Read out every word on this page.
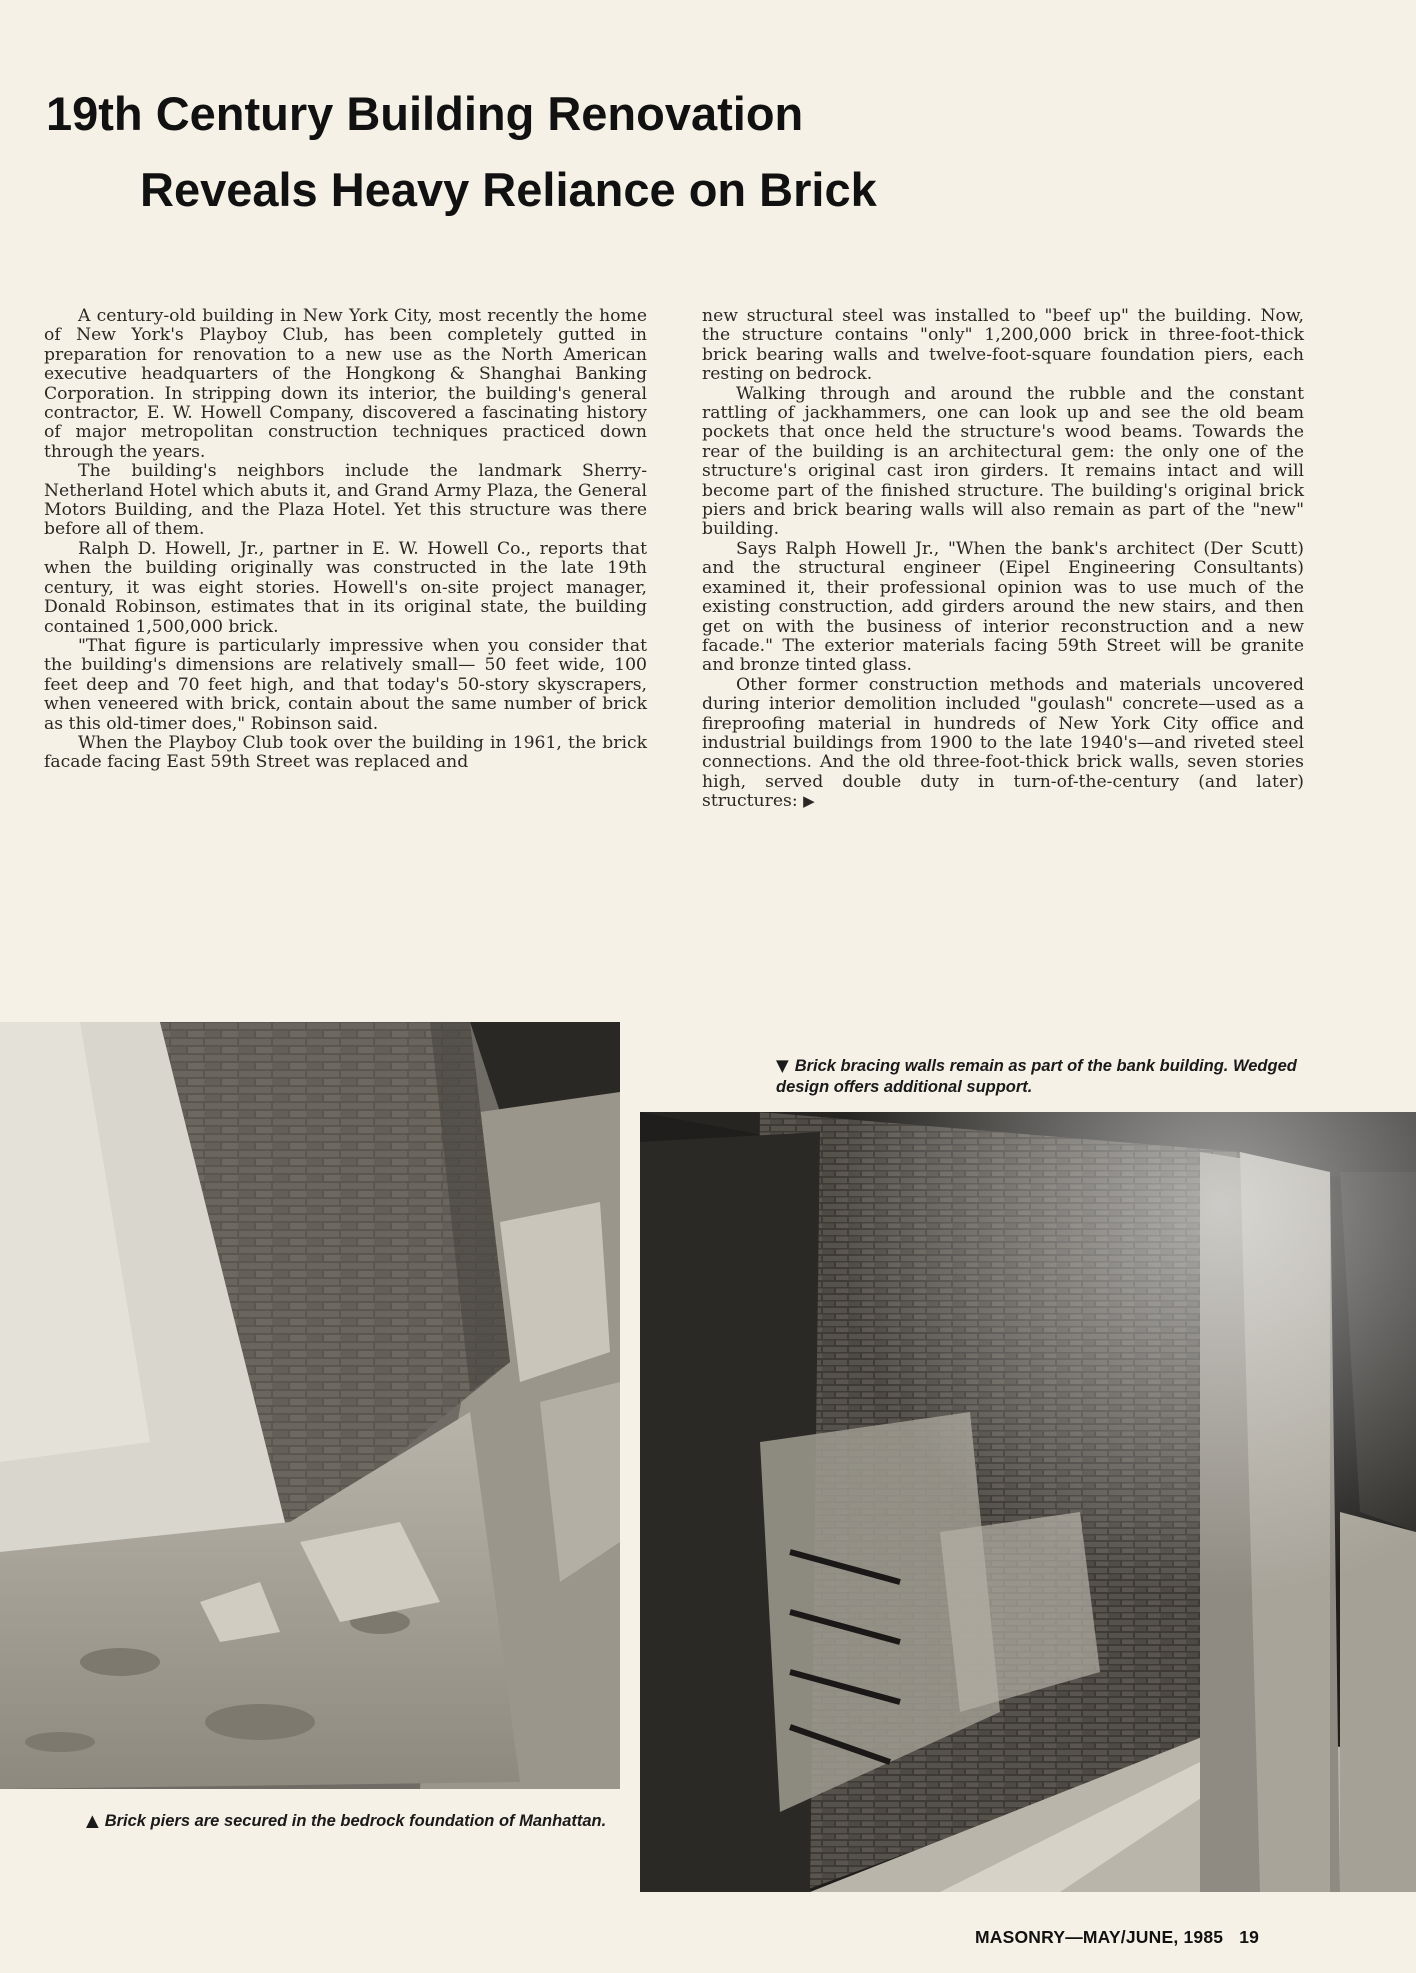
19th Century Building Renovation
Reveals Heavy Reliance on Brick

A century-old building in New York City, most recently the home of New York's Playboy Club, has been completely gutted in preparation for renovation to a new use as the North American executive headquarters of the Hongkong & Shanghai Banking Corporation. In stripping down its interior, the building's general contractor, E. W. Howell Company, discovered a fascinating history of major metropolitan construction techniques practiced down through the years.

The building's neighbors include the landmark Sherry-Netherland Hotel which abuts it, and Grand Army Plaza, the General Motors Building, and the Plaza Hotel. Yet this structure was there before all of them.

Ralph D. Howell, Jr., partner in E. W. Howell Co., reports that when the building originally was constructed in the late 19th century, it was eight stories. Howell's on-site project manager, Donald Robinson, estimates that in its original state, the building contained 1,500,000 brick.

"That figure is particularly impressive when you consider that the building's dimensions are relatively small— 50 feet wide, 100 feet deep and 70 feet high, and that today's 50-story skyscrapers, when veneered with brick, contain about the same number of brick as this old-timer does," Robinson said.

When the Playboy Club took over the building in 1961, the brick facade facing East 59th Street was replaced and

new structural steel was installed to "beef up" the building. Now, the structure contains "only" 1,200,000 brick in three-foot-thick brick bearing walls and twelve-foot-square foundation piers, each resting on bedrock.

Walking through and around the rubble and the constant rattling of jackhammers, one can look up and see the old beam pockets that once held the structure's wood beams. Towards the rear of the building is an architectural gem: the only one of the structure's original cast iron girders. It remains intact and will become part of the finished structure. The building's original brick piers and brick bearing walls will also remain as part of the "new" building.

Says Ralph Howell Jr., "When the bank's architect (Der Scutt) and the structural engineer (Eipel Engineering Consultants) examined it, their professional opinion was to use much of the existing construction, add girders around the new stairs, and then get on with the business of interior reconstruction and a new facade." The exterior materials facing 59th Street will be granite and bronze tinted glass.

Other former construction methods and materials uncovered during interior demolition included "goulash" concrete—used as a fireproofing material in hundreds of New York City office and industrial buildings from 1900 to the late 1940's—and riveted steel connections. And the old three-foot-thick brick walls, seven stories high, served double duty in turn-of-the-century (and later) structures: ▶

▲ Brick piers are secured in the bedrock foundation of Manhattan.

▼ Brick bracing walls remain as part of the bank building. Wedged design offers additional support.

MASONRY—MAY/JUNE, 1985 19
